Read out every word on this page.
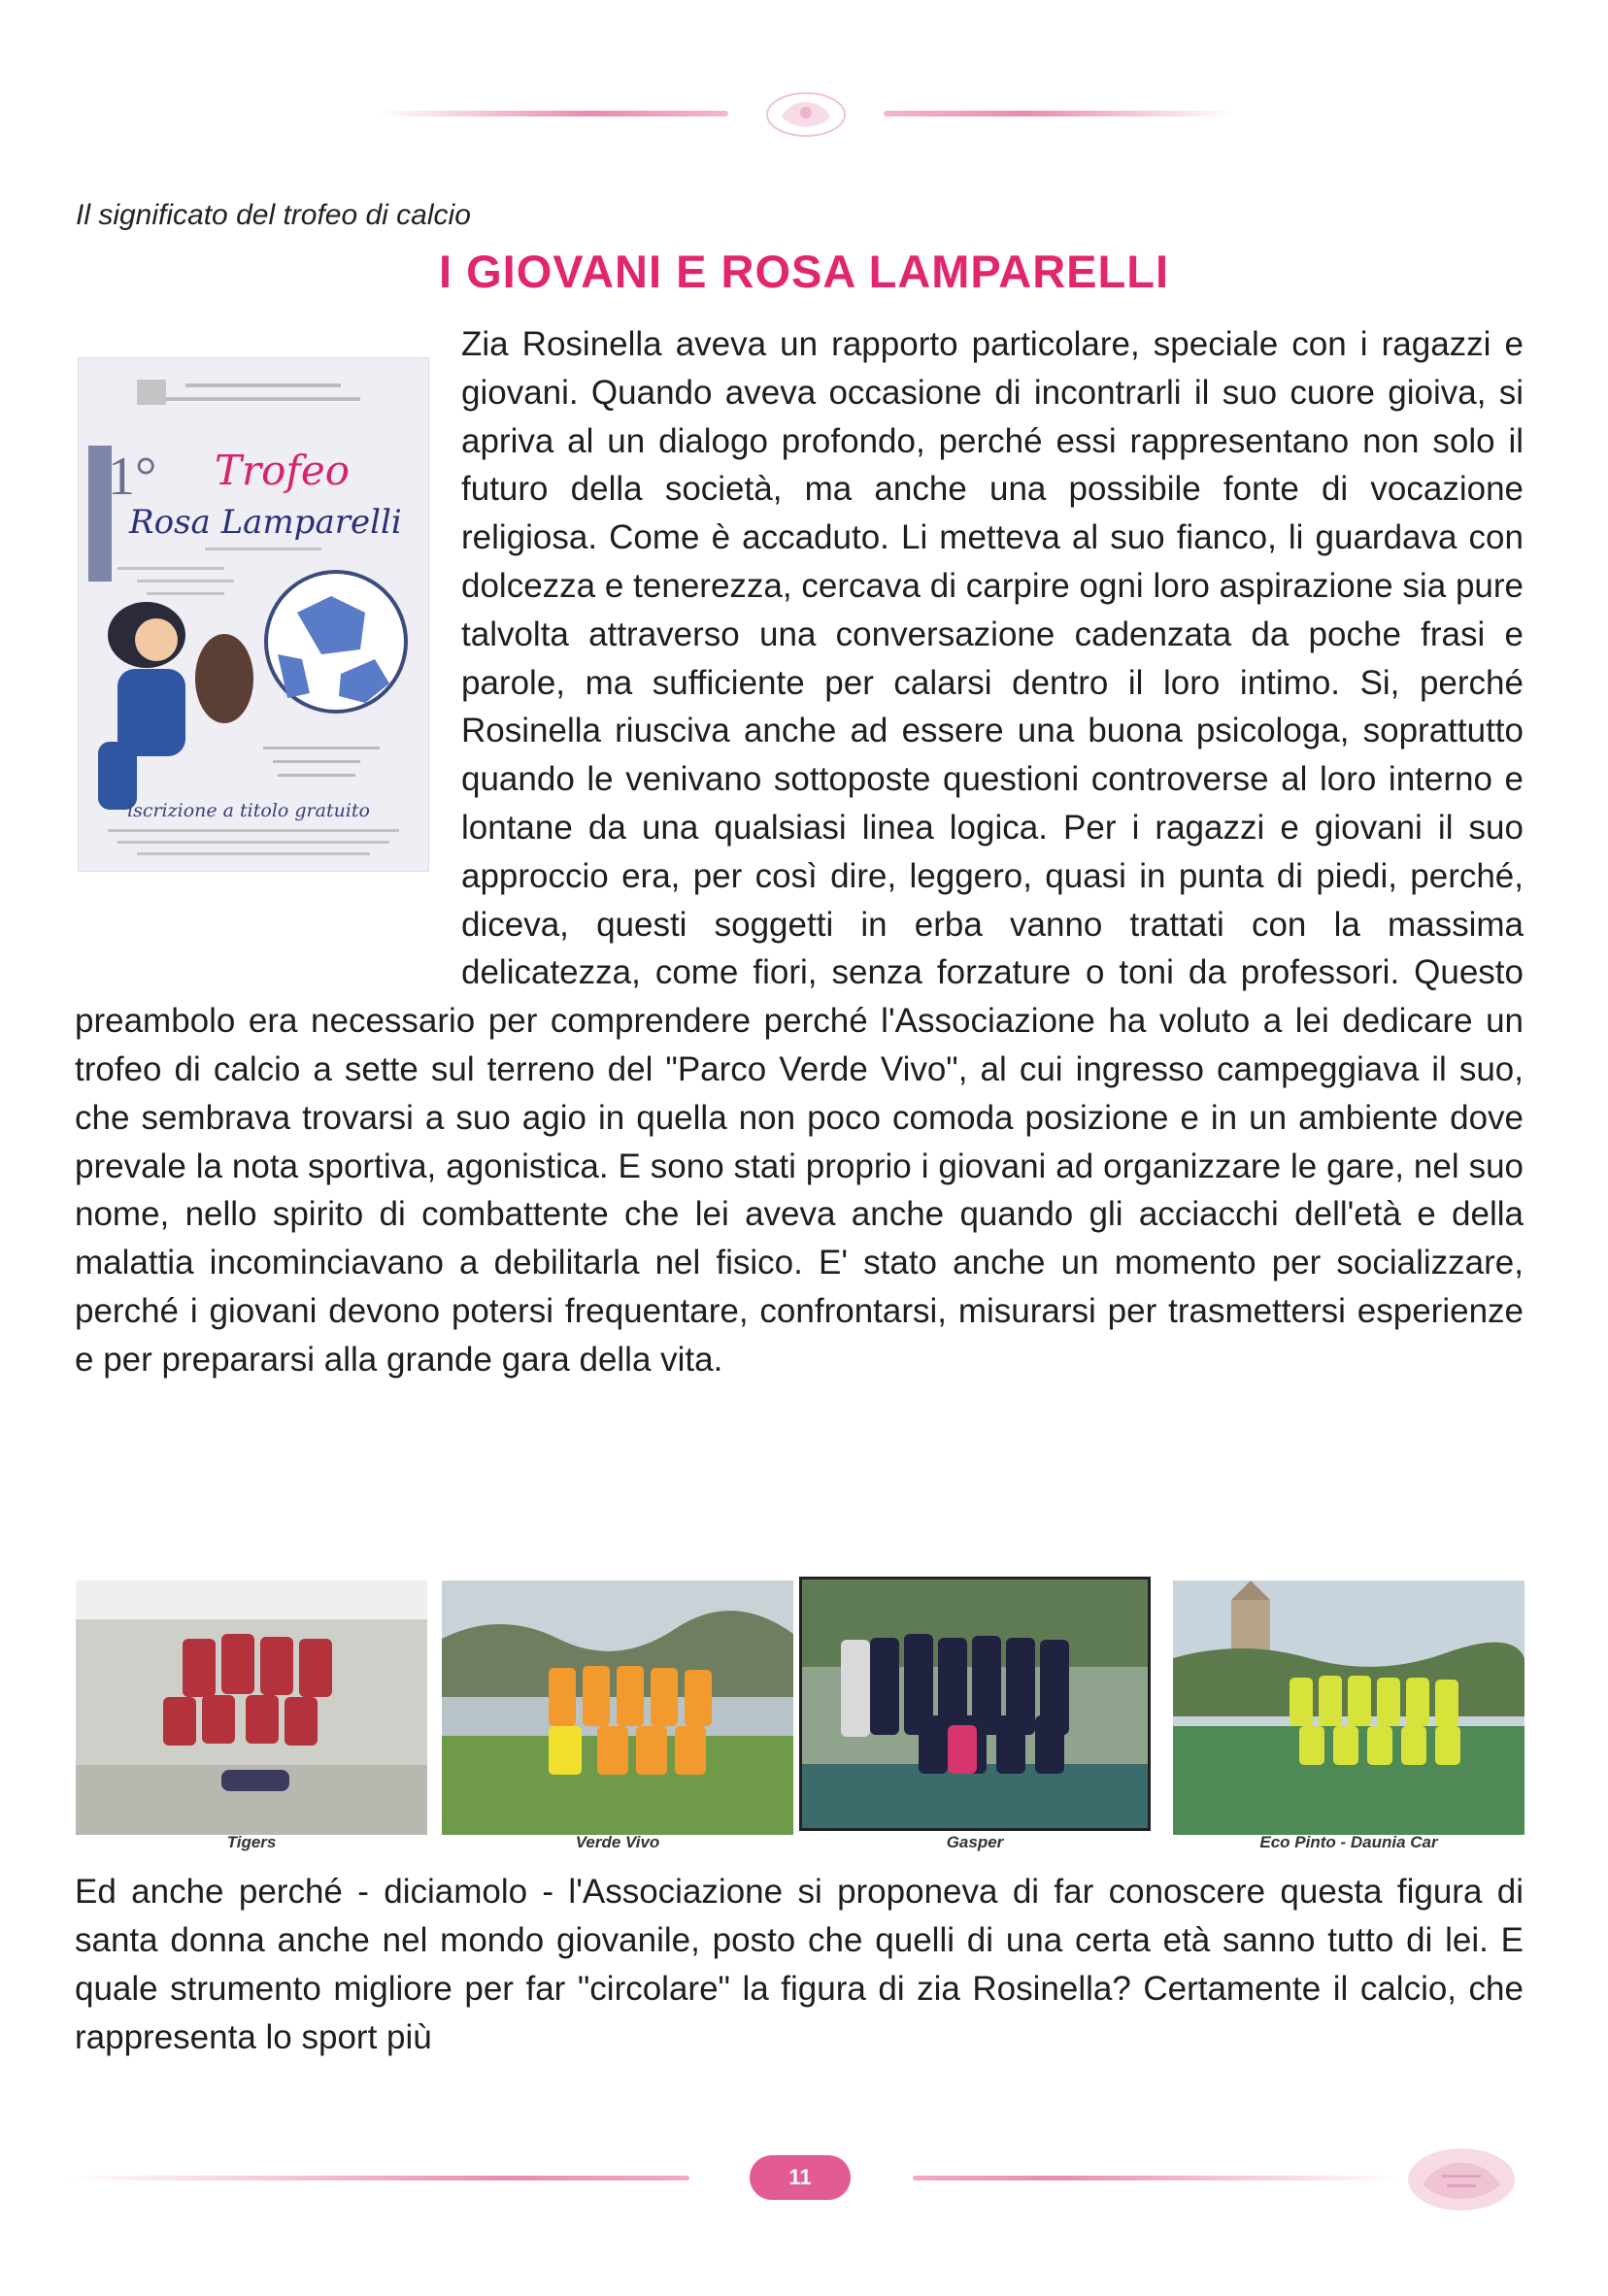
Il significato del trofeo di calcio
I GIOVANI E ROSA LAMPARELLI
1° Trofeo
Rosa Lamparelli
iscrizione a titolo gratuito

Zia Rosinella aveva un rapporto particolare, speciale con i ragazzi e giovani. Quando aveva occasione di incontrarli il suo cuore gioiva, si apriva al un dialogo profondo, perché essi rappresentano non solo il futuro della società, ma anche una possibile fonte di vocazione religiosa. Come è accaduto. Li metteva al suo fianco, li guardava con dolcezza e tenerezza, cercava di carpire ogni loro aspirazione sia pure talvolta attraverso una conversazione cadenzata da poche frasi e parole, ma sufficiente per calarsi dentro il loro intimo. Si, perché Rosinella riusciva anche ad essere una buona psicologa, soprattutto quando le venivano sottoposte questioni controverse al loro interno e lontane da una qualsiasi linea logica. Per i ragazzi e giovani il suo approccio era, per così dire, leggero, quasi in punta di piedi, perché, diceva, questi soggetti in erba vanno trattati con la massima delicatezza, come fiori, senza forzature o toni da professori. Questo preambolo era necessario per comprendere perché l'Associazione ha voluto a lei dedicare un trofeo di calcio a sette sul terreno del "Parco Verde Vivo", al cui ingresso campeggiava il suo, che sembrava trovarsi a suo agio in quella non poco comoda posizione e in un ambiente dove prevale la nota sportiva, agonistica. E sono stati proprio i giovani ad organizzare le gare, nel suo nome, nello spirito di combattente che lei aveva anche quando gli acciacchi dell'età e della malattia incominciavano a debilitarla nel fisico. E' stato anche un momento per socializzare, perché i giovani devono potersi frequentare, confrontarsi, misurarsi per trasmettersi esperienze e per prepararsi alla grande gara della vita.

Tigers	Verde Vivo	Gasper	Eco Pinto - Daunia Car

Ed anche perché - diciamolo - l'Associazione si proponeva di far conoscere questa figura di santa donna anche nel mondo giovanile, posto che quelli di una certa età sanno tutto di lei. E quale strumento migliore per far "circolare" la figura di zia Rosinella? Certamente il calcio, che rappresenta lo sport più

11
